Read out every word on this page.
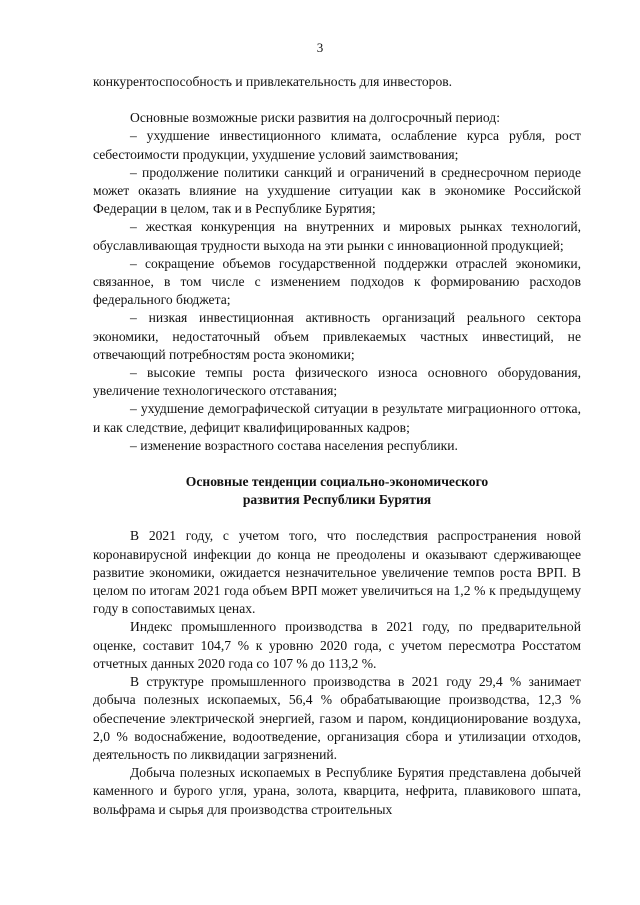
3

конкурентоспособность и привлекательность для инвесторов.

Основные возможные риски развития на долгосрочный период:

– ухудшение инвестиционного климата, ослабление курса рубля, рост себестоимости продукции, ухудшение условий заимствования;

– продолжение политики санкций и ограничений в среднесрочном периоде может оказать влияние на ухудшение ситуации как в экономике Российской Федерации в целом, так и в Республике Бурятия;

– жесткая конкуренция на внутренних и мировых рынках технологий, обуславливающая трудности выхода на эти рынки с инновационной продукцией;

– сокращение объемов государственной поддержки отраслей экономики, связанное, в том числе с изменением подходов к формированию расходов федерального бюджета;

– низкая инвестиционная активность организаций реального сектора экономики, недостаточный объем привлекаемых частных инвестиций, не отвечающий потребностям роста экономики;

– высокие темпы роста физического износа основного оборудования, увеличение технологического отставания;

– ухудшение демографической ситуации в результате миграционного оттока, и как следствие, дефицит квалифицированных кадров;

– изменение возрастного состава населения республики.

Основные тенденции социально-экономического

развития Республики Бурятия

В 2021 году, с учетом того, что последствия распространения новой коронавирусной инфекции до конца не преодолены и оказывают сдерживающее развитие экономики, ожидается незначительное увеличение темпов роста ВРП. В целом по итогам 2021 года объем ВРП может увеличиться на 1,2 % к предыдущему году в сопоставимых ценах.

Индекс промышленного производства в 2021 году, по предварительной оценке, составит 104,7 % к уровню 2020 года, с учетом пересмотра Росстатом отчетных данных 2020 года со 107 % до 113,2 %.

В структуре промышленного производства в 2021 году 29,4 % занимает добыча полезных ископаемых, 56,4 % обрабатывающие производства, 12,3 % обеспечение электрической энергией, газом и паром, кондиционирование воздуха, 2,0 % водоснабжение, водоотведение, организация сбора и утилизации отходов, деятельность по ликвидации загрязнений.

Добыча полезных ископаемых в Республике Бурятия представлена добычей каменного и бурого угля, урана, золота, кварцита, нефрита, плавикового шпата, вольфрама и сырья для производства строительных
